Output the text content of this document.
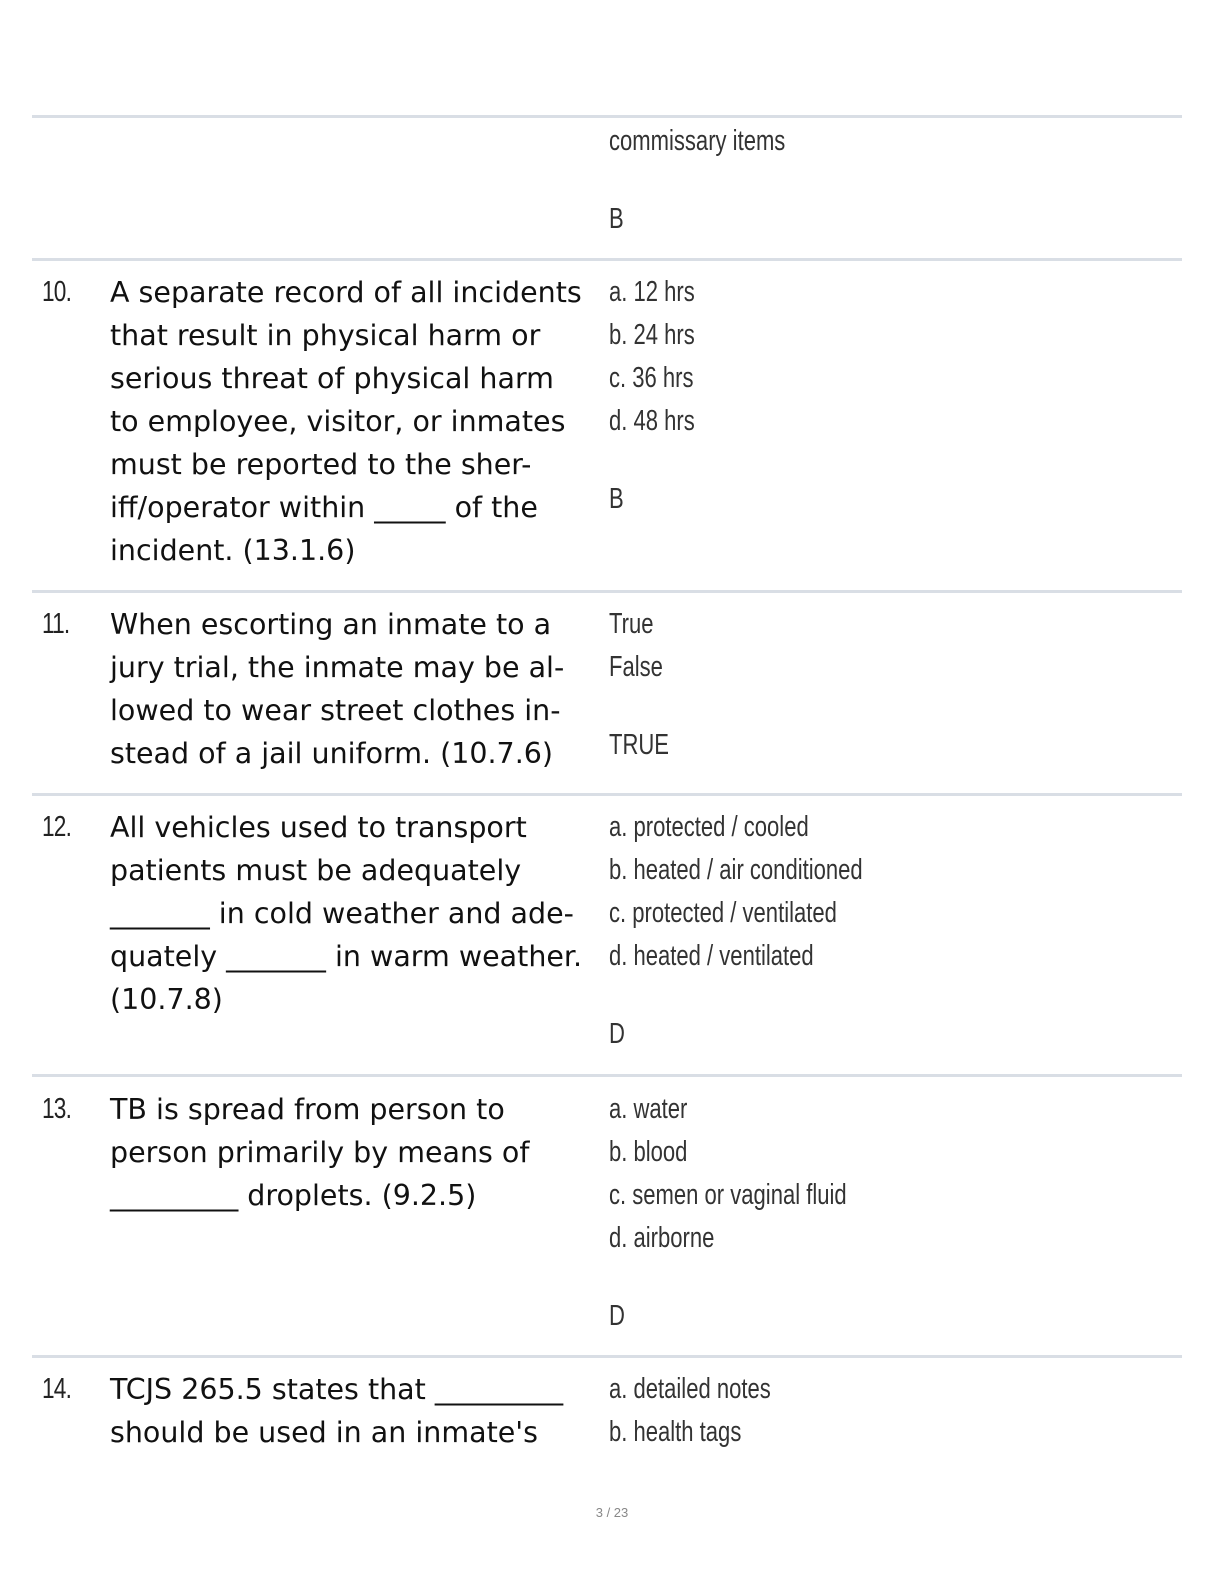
commissary items
B
10. A separate record of all incidents
that result in physical harm or
serious threat of physical harm
to employee, visitor, or inmates
must be reported to the sher-
iff/operator within _____ of the
incident. (13.1.6)
a. 12 hrs
b. 24 hrs
c. 36 hrs
d. 48 hrs
B
11. When escorting an inmate to a
jury trial, the inmate may be al-
lowed to wear street clothes in-
stead of a jail uniform. (10.7.6)
True
False
TRUE
12. All vehicles used to transport
patients must be adequately
_______ in cold weather and ade-
quately _______ in warm weather.
(10.7.8)
a. protected / cooled
b. heated / air conditioned
c. protected / ventilated
d. heated / ventilated
D
13. TB is spread from person to
person primarily by means of
_________ droplets. (9.2.5)
a. water
b. blood
c. semen or vaginal fluid
d. airborne
D
14. TCJS 265.5 states that _________
should be used in an inmate's
a. detailed notes
b. health tags
3 / 23
